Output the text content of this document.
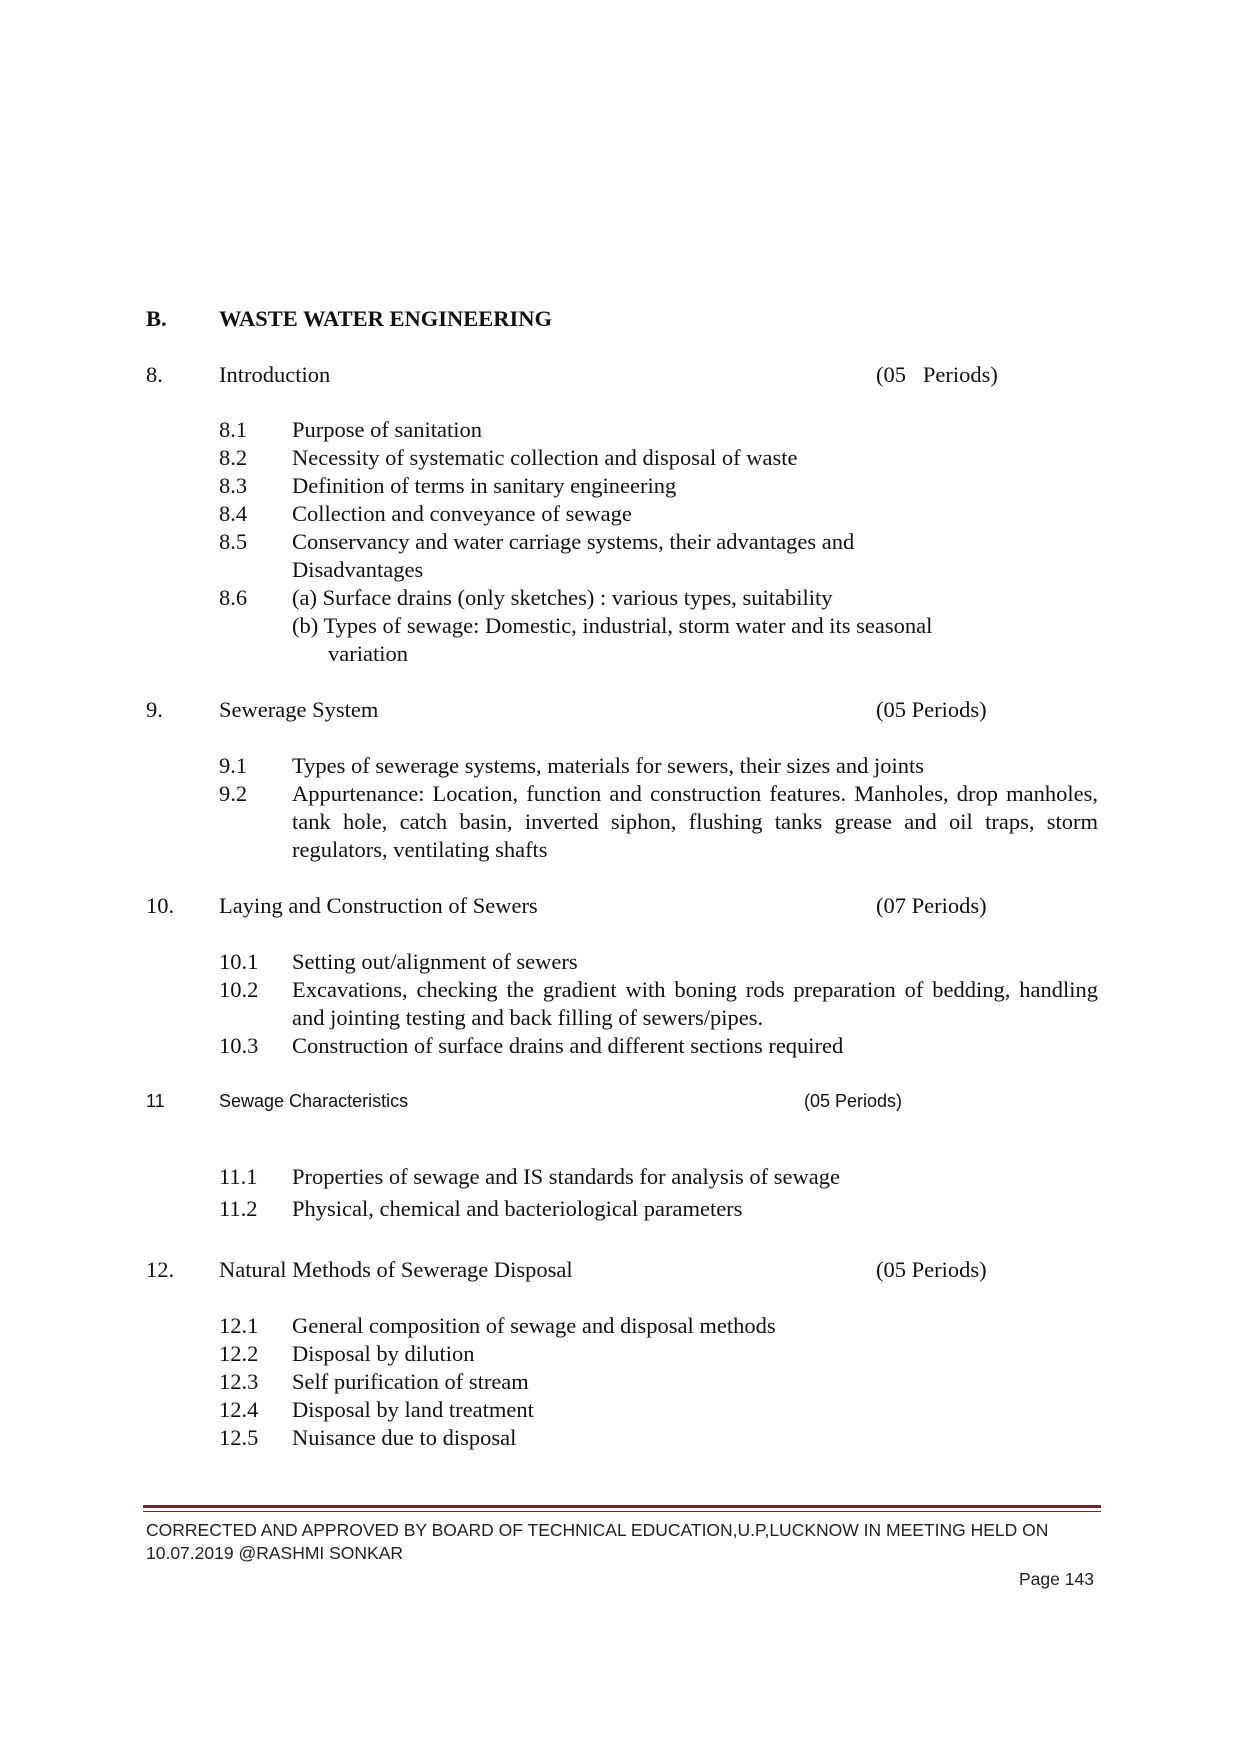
B. WASTE WATER ENGINEERING
8. Introduction	(05   Periods)
8.1 Purpose of sanitation
8.2 Necessity of systematic collection and disposal of waste
8.3 Definition of terms in sanitary engineering
8.4 Collection and conveyance of sewage
8.5 Conservancy and water carriage systems, their advantages and
Disadvantages
8.6 (a) Surface drains (only sketches) : various types, suitability
(b) Types of sewage: Domestic, industrial, storm water and its seasonal
variation
9. Sewerage System	(05 Periods)
9.1 Types of sewerage systems, materials for sewers, their sizes and joints
9.2 Appurtenance: Location, function and construction features. Manholes, drop manholes, tank hole, catch basin, inverted siphon, flushing tanks grease and oil traps, storm regulators, ventilating shafts
10. Laying and Construction of Sewers	(07 Periods)
10.1 Setting out/alignment of sewers
10.2 Excavations, checking the gradient with boning rods preparation of bedding, handling and jointing testing and back filling of sewers/pipes.
10.3 Construction of surface drains and different sections required
11	Sewage Characteristics	(05 Periods)
11.1 Properties of sewage and IS standards for analysis of sewage
11.2 Physical, chemical and bacteriological parameters
12. Natural Methods of Sewerage Disposal	(05 Periods)
12.1 General composition of sewage and disposal methods
12.2 Disposal by dilution
12.3 Self purification of stream
12.4 Disposal by land treatment
12.5 Nuisance due to disposal
CORRECTED AND APPROVED BY BOARD OF TECHNICAL EDUCATION,U.P,LUCKNOW IN MEETING HELD ON
10.07.2019 @RASHMI SONKAR
Page 143
